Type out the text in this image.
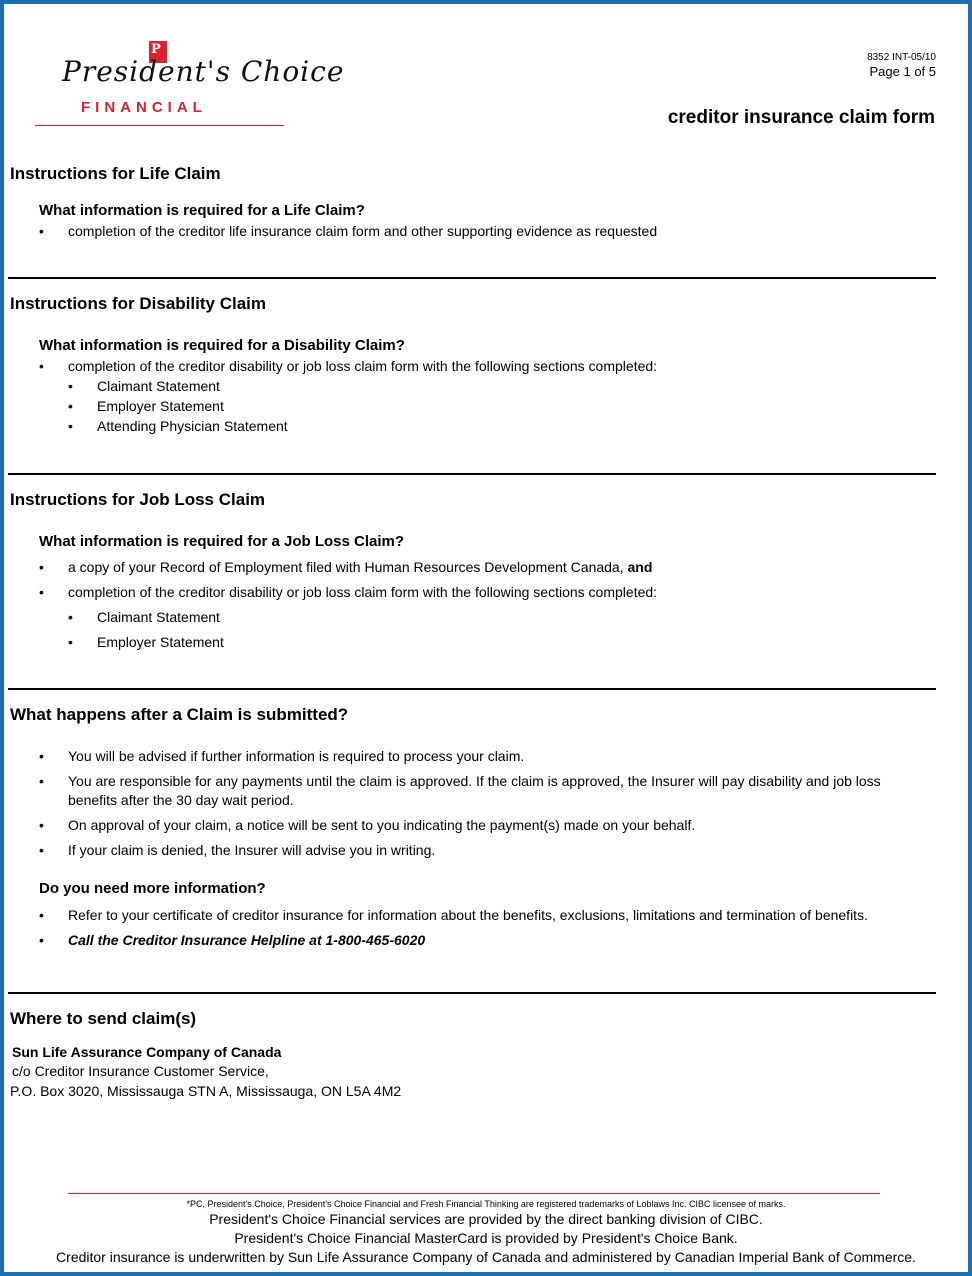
P
President's Choice
FINANCIAL
8352 INT-05/10
Page 1 of 5
creditor insurance claim form
Instructions for Life Claim
What information is required for a Life Claim?
• completion of the creditor life insurance claim form and other supporting evidence as requested
Instructions for Disability Claim
What information is required for a Disability Claim?
• completion of the creditor disability or job loss claim form with the following sections completed:
• Claimant Statement
• Employer Statement
• Attending Physician Statement
Instructions for Job Loss Claim
What information is required for a Job Loss Claim?
• a copy of your Record of Employment filed with Human Resources Development Canada, and
• completion of the creditor disability or job loss claim form with the following sections completed:
• Claimant Statement
• Employer Statement
What happens after a Claim is submitted?
• You will be advised if further information is required to process your claim.
• You are responsible for any payments until the claim is approved. If the claim is approved, the Insurer will pay disability and job loss
benefits after the 30 day wait period.
• On approval of your claim, a notice will be sent to you indicating the payment(s) made on your behalf.
• If your claim is denied, the Insurer will advise you in writing.
Do you need more information?
• Refer to your certificate of creditor insurance for information about the benefits, exclusions, limitations and termination of benefits.
• Call the Creditor Insurance Helpline at 1-800-465-6020
Where to send claim(s)
Sun Life Assurance Company of Canada
c/o Creditor Insurance Customer Service,
P.O. Box 3020, Mississauga STN A, Mississauga, ON L5A 4M2
*PC, President's Choice, President's Choice Financial and Fresh Financial Thinking are registered trademarks of Loblaws Inc. CIBC licensee of marks.
President's Choice Financial services are provided by the direct banking division of CIBC.
President's Choice Financial MasterCard is provided by President's Choice Bank.
Creditor insurance is underwritten by Sun Life Assurance Company of Canada and administered by Canadian Imperial Bank of Commerce.
